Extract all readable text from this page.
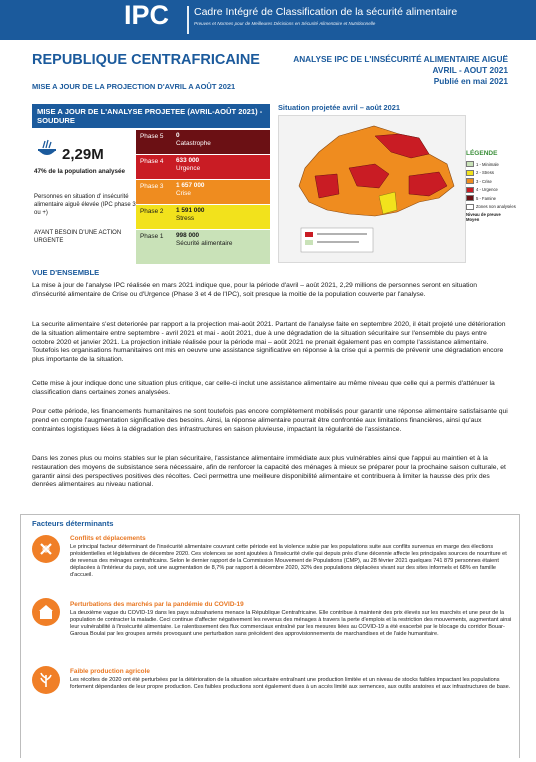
IPC Cadre Intégré de Classification de la sécurité alimentaire
Preuves et Normes pour de Meilleures Décisions en Sécurité Alimentaire et Nutritionnelle
REPUBLIQUE CENTRAFRICAINE
MISE A JOUR DE LA PROJECTION D'AVRIL A AOÛT 2021
ANALYSE IPC DE L'INSÉCURITÉ ALIMENTAIRE AIGUË
AVRIL - AOUT 2021
Publié en mai 2021
MISE A JOUR DE L'ANALYSE PROJETEE (AVRIL-AOÛT 2021) -SOUDURE
2,29M
47% de la population analysée
Personnes en situation d' insécurité alimentaire aiguë élevée (IPC phase 3 ou +)
AYANT BESOIN D'UNE ACTION URGENTE
Phase 5	0
Catastrophe
Phase 4	633 000
Urgence
Phase 3	1 657 000
Crise
Phase 2	1 591 000
Stress
Phase 1	998 000
Sécurité alimentaire
Situation projetée avril – août 2021
LÉGENDE
1 - Minimale
2 - Stress
3 - Crise
4 - Urgence
5 - Famine
Zones non analysées
Niveau de preuve
Moyen
VUE D'ENSEMBLE
La mise à jour de l'analyse IPC réalisée en mars 2021 indique que, pour la période d'avril – août 2021, 2,29 millions de personnes seront en situation d'insécurité alimentaire de Crise ou d'Urgence (Phase 3 et 4 de l'IPC), soit presque la moitie de la population couverte par l'analyse.
La securite alimentaire s'est deteriorée par rapport a la projection mai-août 2021. Partant de l'analyse faite en septembre 2020, il était projeté une détérioration de la situation alimentaire entre septembre - avril 2021 et mai - août 2021, due à une dégradation de la situation sécuritaire sur l'ensemble du pays entre octobre 2020 et janvier 2021. La projection initiale réalisée pour la période mai – août 2021 ne prenait également pas en compte l'assistance alimentaire. Toutefois les organisations humanitaires ont mis en oeuvre une assistance significative en réponse à la crise qui a permis de prévenir une dégradation encore plus importante de la situation.
Cette mise à jour indique donc une situation plus critique, car celle-ci inclut une assistance alimentaire au même niveau que celle qui a permis d'atténuer la classification dans certaines zones analysées.
Pour cette période, les financements humanitaires ne sont toutefois pas encore complètement mobilisés pour garantir une réponse alimentaire satisfaisante qui prend en compte l'augmentation significative des besoins. Ainsi, la réponse alimentaire pourrait être confrontée aux limitations financières, ainsi qu'aux contraintes logistiques liées à la dégradation des infrastructures en saison pluvieuse, impactant la régularité de l'assistance.
Dans les zones plus ou moins stables sur le plan sécuritaire, l'assistance alimentaire immédiate aux plus vulnérables ainsi que l'appui au maintien et à la restauration des moyens de subsistance sera nécessaire, afin de renforcer la capacité des ménages à mieux se préparer pour la prochaine saison culturale, et garantir ainsi des perspectives positives des récoltes. Ceci permettra une meilleure disponibilité alimentaire et contribuera à limiter la hausse des prix des denrées alimentaires au niveau national.
Facteurs déterminants
Conflits et déplacements
Le principal facteur déterminant de l'insécurité alimentaire couvrant cette période est la violence subie par les populations suite aux conflits survenus en marge des élections présidentielles et législatives de décembre 2020. Ces violences se sont ajoutées à l'insécurité civile qui depuis près d'une décennie affecte les principales sources de nourriture et de revenus des ménages centrafricains. Selon le dernier rapport de la Commission Mouvement de Populations (CMP), au 28 février 2021 quelques 741 879 personnes étaient déplacées à l'intérieur du pays, soit une augmentation de 8,7% par rapport à décembre 2020, 32% des populations déplacées vivant sur des sites informels et 68% en famille d'accueil.
Perturbations des marchés par la pandémie du COVID-19
La deuxième vague du COVID-19 dans les pays subsahariens menace la République Centrafricaine. Elle contribue à maintenir des prix élevés sur les marchés et une peur de la population de contracter la maladie. Ceci continue d'affecter négativement les revenus des ménages à travers la perte d'emplois et la restriction des mouvements, augmentant ainsi leur vulnérabilité à l'insécurité alimentaire. Le ralentissement des flux commerciaux entraîné par les mesures liées au COVID-19 a été exacerbé par le blocage du corridor Bouar-Garoua Boulai par les groupes armés provoquant une perturbation sans précédent des approvisionnements de marchandises et de l'aide humanitaire.
Faible production agricole
Les récoltes de 2020 ont été perturbées par la détérioration de la situation sécuritaire entraînant une production limitée et un niveau de stocks faibles impactant les populations fortement dépendantes de leur propre production. Ces faibles productions sont également dues à un accès limité aux semences, aux outils aratoires et aux infrastructures de base.
